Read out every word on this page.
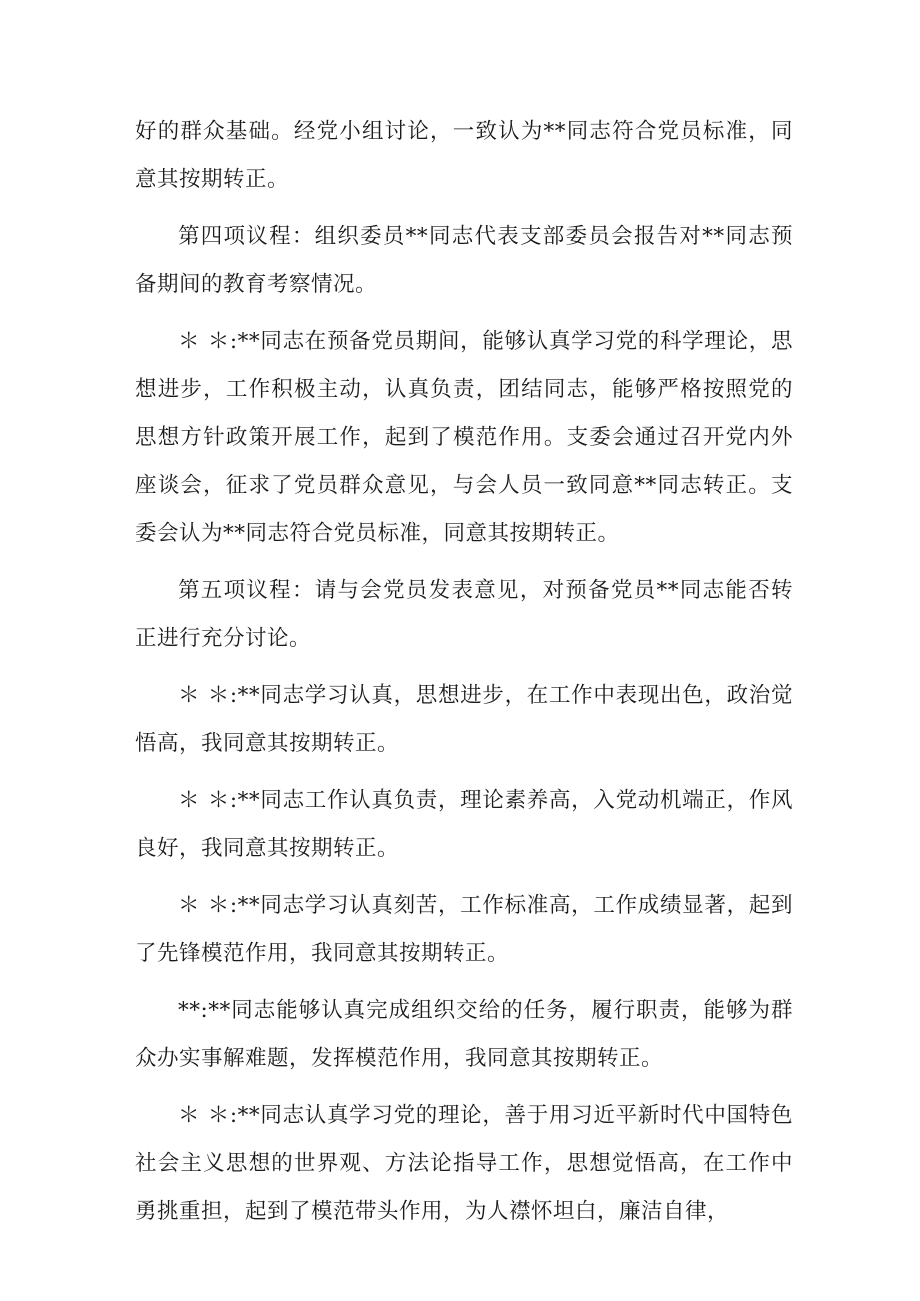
好的群众基础。经党小组讨论，一致认为**同志符合党员标准，同意其按期转正。

第四项议程：组织委员**同志代表支部委员会报告对**同志预备期间的教育考察情况。

＊ ＊:**同志在预备党员期间，能够认真学习党的科学理论，思想进步，工作积极主动，认真负责，团结同志，能够严格按照党的思想方针政策开展工作，起到了模范作用。支委会通过召开党内外座谈会，征求了党员群众意见，与会人员一致同意**同志转正。支委会认为**同志符合党员标准，同意其按期转正。

第五项议程：请与会党员发表意见，对预备党员**同志能否转正进行充分讨论。

＊ ＊:**同志学习认真，思想进步，在工作中表现出色，政治觉悟高，我同意其按期转正。

＊ ＊:**同志工作认真负责，理论素养高，入党动机端正，作风良好，我同意其按期转正。

＊ ＊:**同志学习认真刻苦，工作标准高，工作成绩显著，起到了先锋模范作用，我同意其按期转正。

**:**同志能够认真完成组织交给的任务，履行职责，能够为群众办实事解难题，发挥模范作用，我同意其按期转正。

＊ ＊:**同志认真学习党的理论，善于用习近平新时代中国特色社会主义思想的世界观、方法论指导工作，思想觉悟高，在工作中勇挑重担，起到了模范带头作用，为人襟怀坦白，廉洁自律，
